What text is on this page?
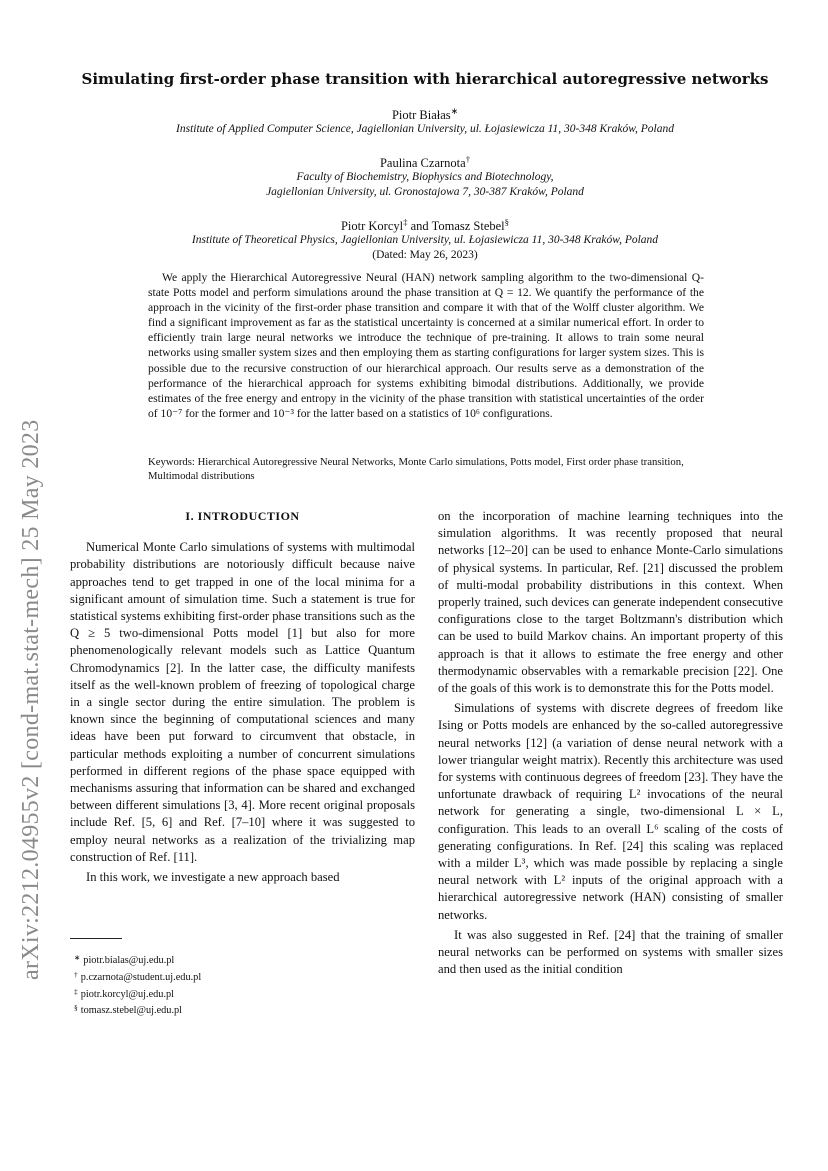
arXiv:2212.04955v2 [cond-mat.stat-mech] 25 May 2023
Simulating first-order phase transition with hierarchical autoregressive networks
Piotr Białas∗
Institute of Applied Computer Science, Jagiellonian University, ul. Łojasiewicza 11, 30-348 Kraków, Poland
Paulina Czarnota†
Faculty of Biochemistry, Biophysics and Biotechnology,
Jagiellonian University, ul. Gronostajowa 7, 30-387 Kraków, Poland
Piotr Korcyl‡ and Tomasz Stebel§
Institute of Theoretical Physics, Jagiellonian University, ul. Łojasiewicza 11, 30-348 Kraków, Poland
(Dated: May 26, 2023)

We apply the Hierarchical Autoregressive Neural (HAN) network sampling algorithm to the two-dimensional Q-state Potts model and perform simulations around the phase transition at Q = 12. We quantify the performance of the approach in the vicinity of the first-order phase transition and compare it with that of the Wolff cluster algorithm. We find a significant improvement as far as the statistical uncertainty is concerned at a similar numerical effort. In order to efficiently train large neural networks we introduce the technique of pre-training. It allows to train some neural networks using smaller system sizes and then employing them as starting configurations for larger system sizes. This is possible due to the recursive construction of our hierarchical approach. Our results serve as a demonstration of the performance of the hierarchical approach for systems exhibiting bimodal distributions. Additionally, we provide estimates of the free energy and entropy in the vicinity of the phase transition with statistical uncertainties of the order of 10⁻⁷ for the former and 10⁻³ for the latter based on a statistics of 10⁶ configurations.

Keywords: Hierarchical Autoregressive Neural Networks, Monte Carlo simulations, Potts model, First order phase transition, Multimodal distributions

I. INTRODUCTION

Numerical Monte Carlo simulations of systems with multimodal probability distributions are notoriously difficult because naive approaches tend to get trapped in one of the local minima for a significant amount of simulation time. Such a statement is true for statistical systems exhibiting first-order phase transitions such as the Q ≥ 5 two-dimensional Potts model [1] but also for more phenomenologically relevant models such as Lattice Quantum Chromodynamics [2]. In the latter case, the difficulty manifests itself as the well-known problem of freezing of topological charge in a single sector during the entire simulation. The problem is known since the beginning of computational sciences and many ideas have been put forward to circumvent that obstacle, in particular methods exploiting a number of concurrent simulations performed in different regions of the phase space equipped with mechanisms assuring that information can be shared and exchanged between different simulations [3, 4]. More recent original proposals include Ref. [5, 6] and Ref. [7–10] where it was suggested to employ neural networks as a realization of the trivializing map construction of Ref. [11].

In this work, we investigate a new approach based

on the incorporation of machine learning techniques into the simulation algorithms. It was recently proposed that neural networks [12–20] can be used to enhance Monte-Carlo simulations of physical systems. In particular, Ref. [21] discussed the problem of multi-modal probability distributions in this context. When properly trained, such devices can generate independent consecutive configurations close to the target Boltzmann's distribution which can be used to build Markov chains. An important property of this approach is that it allows to estimate the free energy and other thermodynamic observables with a remarkable precision [22]. One of the goals of this work is to demonstrate this for the Potts model.

Simulations of systems with discrete degrees of freedom like Ising or Potts models are enhanced by the so-called autoregressive neural networks [12] (a variation of dense neural network with a lower triangular weight matrix). Recently this architecture was used for systems with continuous degrees of freedom [23]. They have the unfortunate drawback of requiring L² invocations of the neural network for generating a single, two-dimensional L × L, configuration. This leads to an overall L⁶ scaling of the costs of generating configurations. In Ref. [24] this scaling was replaced with a milder L³, which was made possible by replacing a single neural network with L² inputs of the original approach with a hierarchical autoregressive network (HAN) consisting of smaller networks.

It was also suggested in Ref. [24] that the training of smaller neural networks can be performed on systems with smaller sizes and then used as the initial condition

∗ piotr.bialas@uj.edu.pl
† p.czarnota@student.uj.edu.pl
‡ piotr.korcyl@uj.edu.pl
§ tomasz.stebel@uj.edu.pl
